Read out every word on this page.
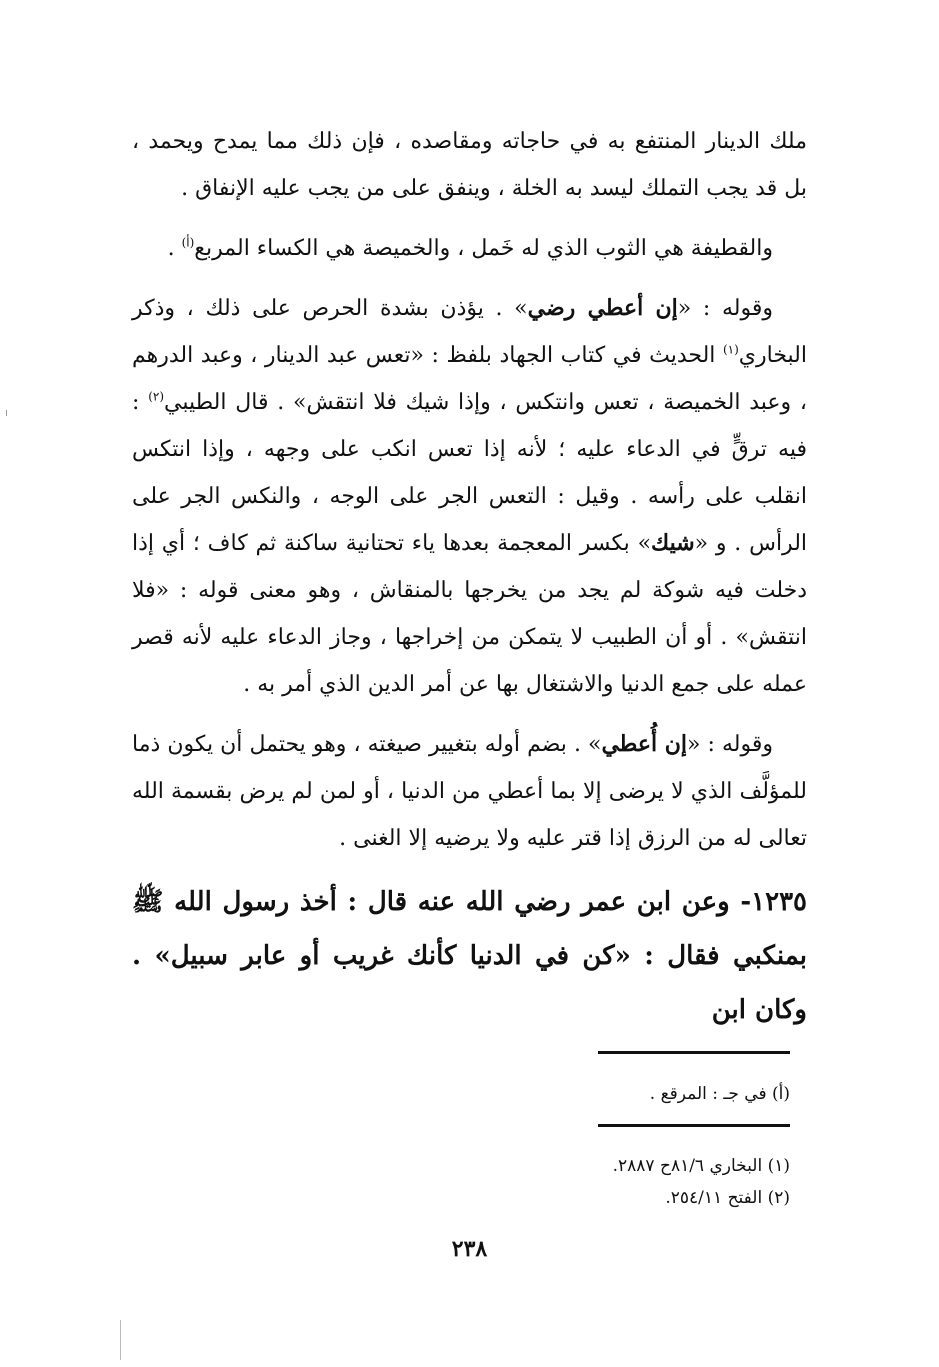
ملك الدينار المنتفع به في حاجاته ومقاصده ، فإن ذلك مما يمدح ويحمد ، بل قد يجب التملك ليسد به الخلة ، وينفق على من يجب عليه الإنفاق .

والقطيفة هي الثوب الذي له خَمل ، والخميصة هي الكساء المربع$^{(أ)}$ .

وقوله : «إن أعطي رضي» . يؤذن بشدة الحرص على ذلك ، وذكر البخاري$^{(١)}$ الحديث في كتاب الجهاد بلفظ : «تعس عبد الدينار ، وعبد الدرهم ، وعبد الخميصة ، تعس وانتكس ، وإذا شيك فلا انتقش» . قال الطيبي$^{(٢)}$ : فيه ترقٍّ في الدعاء عليه ؛ لأنه إذا تعس انكب على وجهه ، وإذا انتكس انقلب على رأسه . وقيل : التعس الجر على الوجه ، والنكس الجر على الرأس . و «شيك» بكسر المعجمة بعدها ياء تحتانية ساكنة ثم كاف ؛ أي إذا دخلت فيه شوكة لم يجد من يخرجها بالمنقاش ، وهو معنى قوله : «فلا انتقش» . أو أن الطبيب لا يتمكن من إخراجها ، وجاز الدعاء عليه لأنه قصر عمله على جمع الدنيا والاشتغال بها عن أمر الدين الذي أمر به .

وقوله : «إن أُعطي» . بضم أوله بتغيير صيغته ، وهو يحتمل أن يكون ذما للمؤلَّف الذي لا يرضى إلا بما أعطي من الدنيا ، أو لمن لم يرض بقسمة الله تعالى له من الرزق إذا قتر عليه ولا يرضيه إلا الغنى .

١٢٣٥- وعن ابن عمر رضي الله عنه قال : أخذ رسول الله ﷺ بمنكبي فقال : «كن في الدنيا كأنك غريب أو عابر سبيل» . وكان ابن

(أ) في جـ : المرقع .
(١) البخاري ٨١/٦ح ٢٨٨٧.
(٢) الفتح ٢٥٤/١١.
٢٣٨
